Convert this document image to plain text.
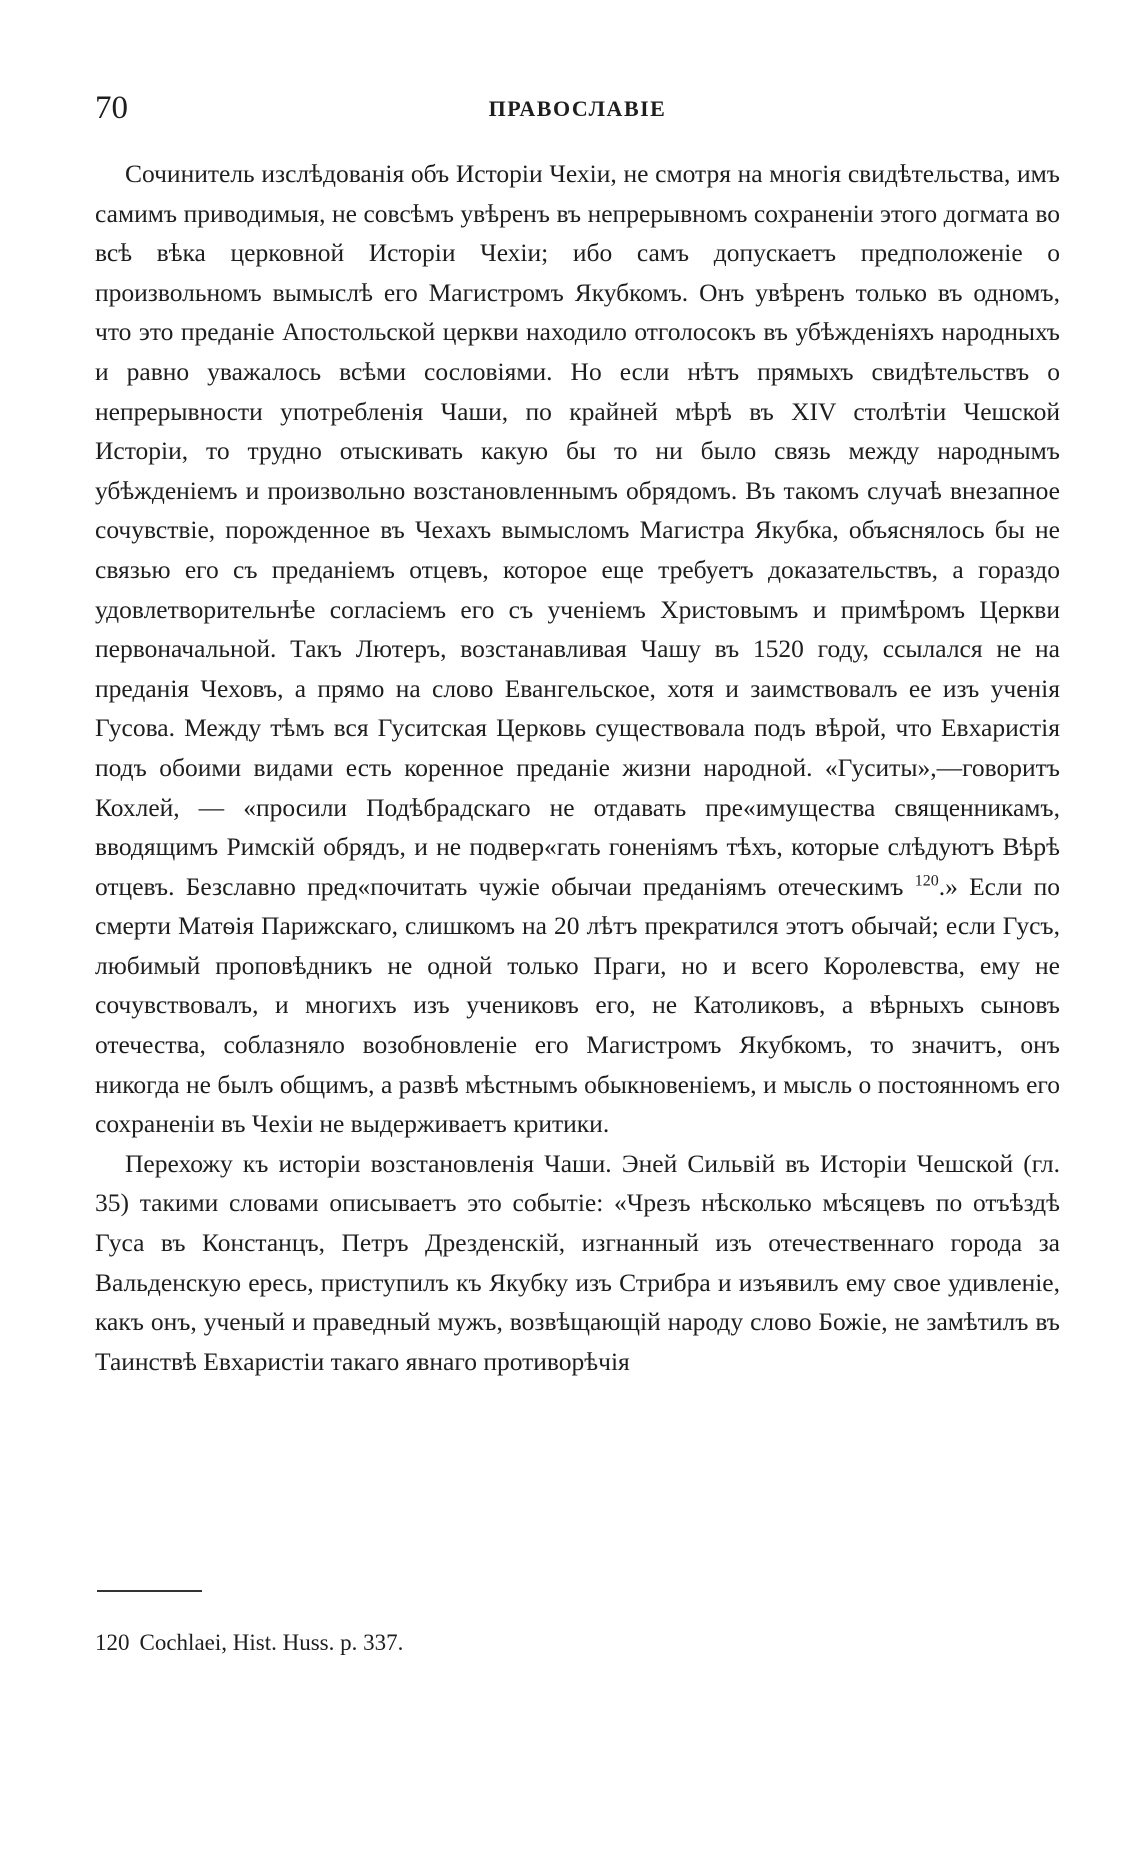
70	ПРАВОСЛАВІЕ

Сочинитель изслѣдованія объ Исторіи Чехіи, не смотря на многія свидѣтельства, имъ самимъ приводимыя, не совсѣмъ увѣренъ въ непрерывномъ сохраненіи этого догмата во всѣ вѣка церковной Исторіи Чехіи; ибо самъ допускаетъ предположеніе о произвольномъ вымыслѣ его Магистромъ Якубкомъ. Онъ увѣренъ только въ одномъ, что это преданіе Апостольской церкви находило отголосокъ въ убѣжденіяхъ народныхъ и равно уважалось всѣми сословіями. Но если нѣтъ прямыхъ свидѣтельствъ о непрерывности употребленія Чаши, по крайней мѣрѣ въ XIV столѣтіи Чешской Исторіи, то трудно отыскивать какую бы то ни было связь между народнымъ убѣжденіемъ и произвольно возстановленнымъ обрядомъ. Въ такомъ случаѣ внезапное сочувствіе, порожденное въ Чехахъ вымысломъ Магистра Якубка, объяснялось бы не связью его съ преданіемъ отцевъ, которое еще требуетъ доказательствъ, а гораздо удовлетворительнѣе согласіемъ его съ ученіемъ Христовымъ и примѣромъ Церкви первоначальной. Такъ Лютеръ, возстанавливая Чашу въ 1520 году, ссылался не на преданія Чеховъ, а прямо на слово Евангельское, хотя и заимствовалъ ее изъ ученія Гусова. Между тѣмъ вся Гуситская Церковь существовала подъ вѣрой, что Евхаристія подъ обоими видами есть коренное преданіе жизни народной. «Гуситы»,—говоритъ Кохлей, — «просили Подѣбрадскаго не отдавать пре«имущества священникамъ, вводящимъ Римскій обрядъ, и не подвер«гать гоненіямъ тѣхъ, которые слѣдуютъ Вѣрѣ отцевъ. Безславно пред«почитать чужіе обычаи преданіямъ отеческимъ $^{120}$.» Если по смерти Матѳія Парижскаго, слишкомъ на 20 лѣтъ прекратился этотъ обычай; если Гусъ, любимый проповѣдникъ не одной только Праги, но и всего Королевства, ему не сочувствовалъ, и многихъ изъ учениковъ его, не Католиковъ, а вѣрныхъ сыновъ отечества, соблазняло возобновленіе его Магистромъ Якубкомъ, то значитъ, онъ никогда не былъ общимъ, а развѣ мѣстнымъ обыкновеніемъ, и мысль о постоянномъ его сохраненіи въ Чехіи не выдерживаетъ критики.

Перехожу къ исторіи возстановленія Чаши. Эней Сильвій въ Исторіи Чешской (гл. 35) такими словами описываетъ это событіе: «Чрезъ нѣсколько мѣсяцевъ по отъѣздѣ Гуса въ Констанцъ, Петръ Дрезденскій, изгнанный изъ отечественнаго города за Вальденскую ересь, приступилъ къ Якубку изъ Стрибра и изъявилъ ему свое удивленіе, какъ онъ, ученый и праведный мужъ, возвѣщающій народу слово Божіе, не замѣтилъ въ Таинствѣ Евхаристіи такаго явнаго противорѣчія

120 Cochlaei, Hist. Huss. p. 337.
